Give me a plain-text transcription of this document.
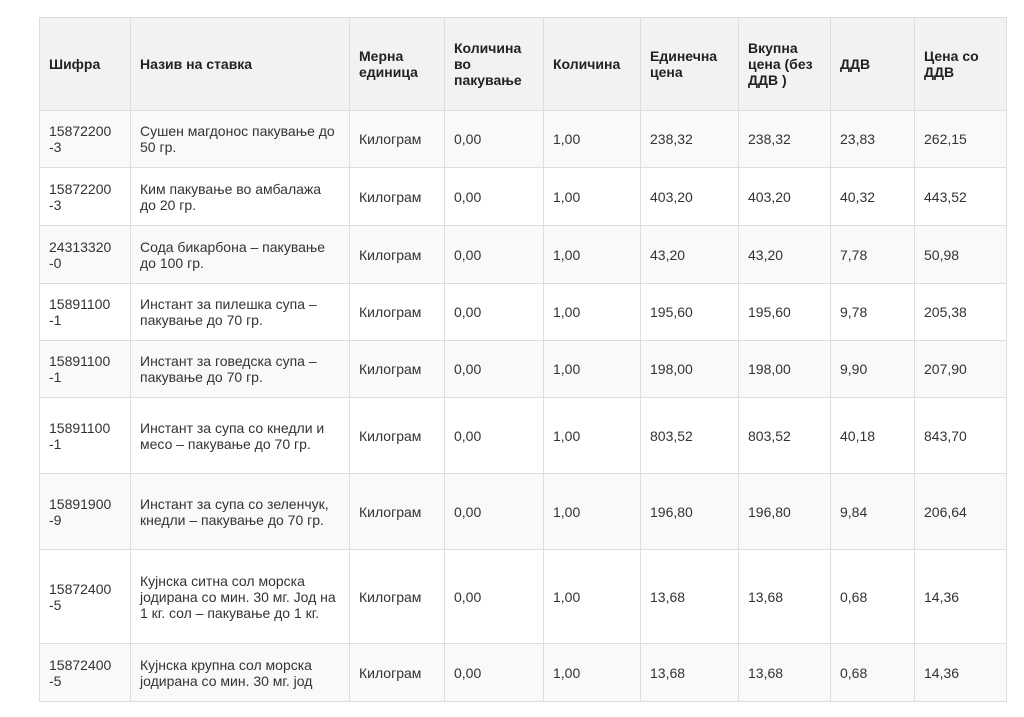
Шифра	Назив на ставка	Мерна единица	Количина во пакување	Количина	Единечна цена	Вкупна цена (без ДДВ )	ДДВ	Цена со ДДВ
15872200 -3	Сушен магдонос пакување до 50 гр.	Килограм	0,00	1,00	238,32	238,32	23,83	262,15
15872200 -3	Ким пакување во амбалажа до 20 гр.	Килограм	0,00	1,00	403,20	403,20	40,32	443,52
24313320 -0	Сода бикарбона – пакување до 100 гр.	Килограм	0,00	1,00	43,20	43,20	7,78	50,98
15891100 -1	Инстант за пилешка супа – пакување до 70 гр.	Килограм	0,00	1,00	195,60	195,60	9,78	205,38
15891100 -1	Инстант за говедска супа – пакување до 70 гр.	Килограм	0,00	1,00	198,00	198,00	9,90	207,90
15891100 -1	Инстант за супа со кнедли и месо – пакување до 70 гр.	Килограм	0,00	1,00	803,52	803,52	40,18	843,70
15891900 -9	Инстант за супа со зеленчук, кнедли – пакување до 70 гр.	Килограм	0,00	1,00	196,80	196,80	9,84	206,64
15872400 -5	Кујнска ситна сол морска јодирана со мин. 30 мг. Јод на 1 кг. сол – пакување до 1 кг.	Килограм	0,00	1,00	13,68	13,68	0,68	14,36
15872400 -5	Кујнска крупна сол морска јодирана со мин. 30 мг. јод	Килограм	0,00	1,00	13,68	13,68	0,68	14,36
